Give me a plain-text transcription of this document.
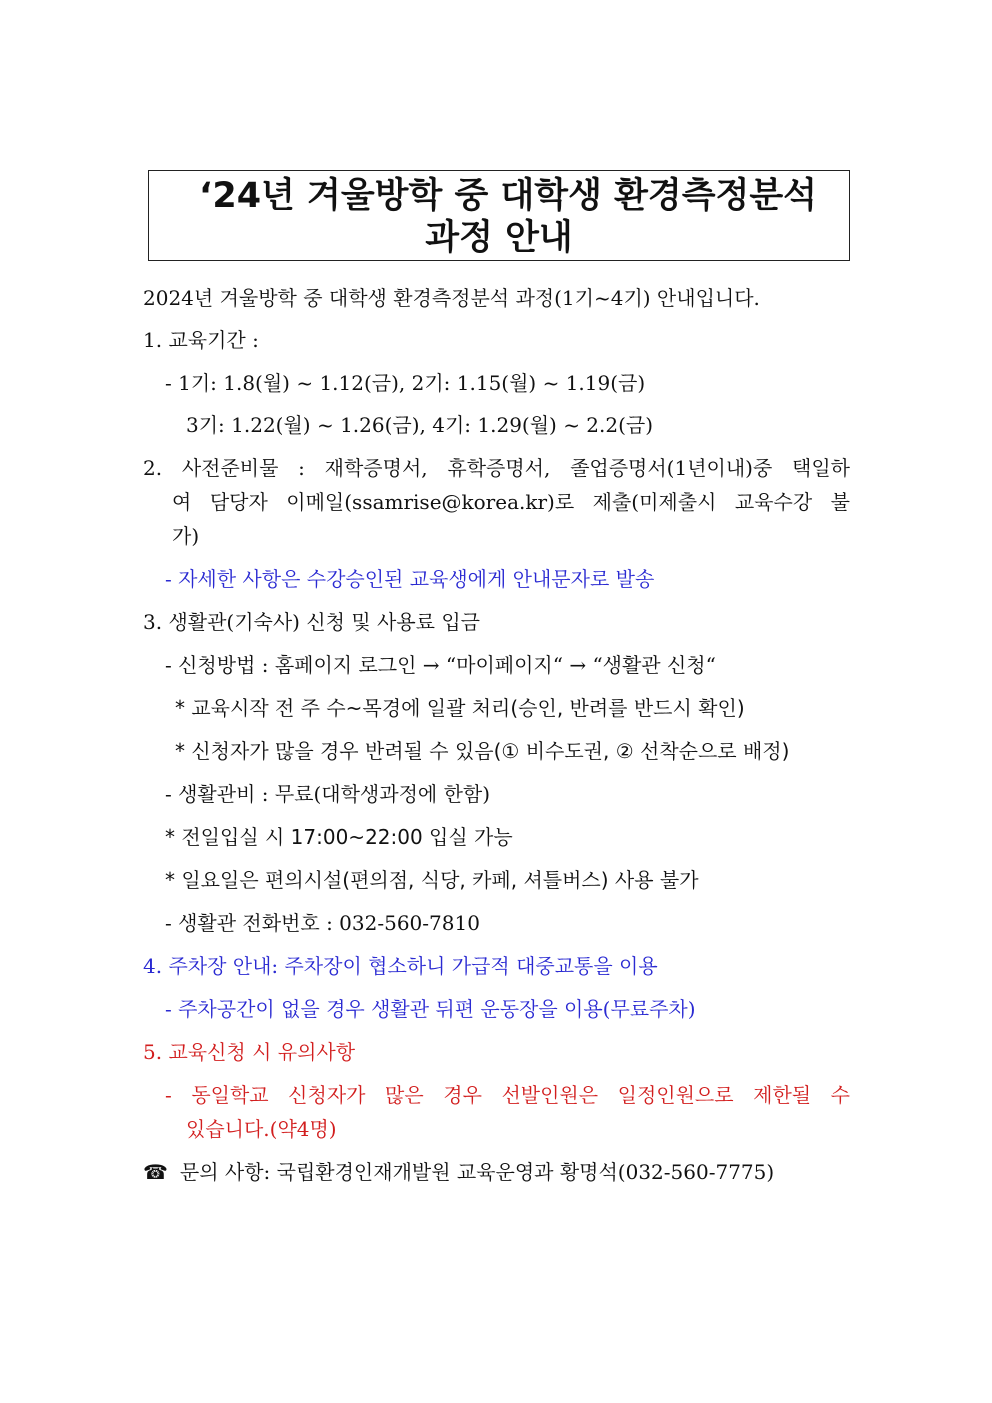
‘24년 겨울방학 중 대학생 환경측정분석
과정 안내
2024년 겨울방학 중 대학생 환경측정분석 과정(1기~4기) 안내입니다.
1. 교육기간 :
- 1기: 1.8(월) ~ 1.12(금), 2기: 1.15(월) ~ 1.19(금)
3기: 1.22(월) ~ 1.26(금), 4기: 1.29(월) ~ 2.2(금)
2. 사전준비물 : 재학증명서, 휴학증명서, 졸업증명서(1년이내)중 택일하
여 담당자 이메일(ssamrise@korea.kr)로 제출(미제출시 교육수강 불
가)
- 자세한 사항은 수강승인된 교육생에게 안내문자로 발송
3. 생활관(기숙사) 신청 및 사용료 입금
- 신청방법 : 홈페이지 로그인 → “마이페이지“ → “생활관 신청“
* 교육시작 전 주 수~목경에 일괄 처리(승인, 반려를 반드시 확인)
* 신청자가 많을 경우 반려될 수 있음(① 비수도권, ② 선착순으로 배정)
- 생활관비 : 무료(대학생과정에 한함)
* 전일입실 시 17:00~22:00 입실 가능
* 일요일은 편의시설(편의점, 식당, 카페, 셔틀버스) 사용 불가
- 생활관 전화번호 : 032-560-7810
4. 주차장 안내: 주차장이 협소하니 가급적 대중교통을 이용
- 주차공간이 없을 경우 생활관 뒤편 운동장을 이용(무료주차)
5. 교육신청 시 유의사항
- 동일학교 신청자가 많은 경우 선발인원은 일정인원으로 제한될 수
있습니다.(약4명)
☎ 문의 사항: 국립환경인재개발원 교육운영과 황명석(032-560-7775)
